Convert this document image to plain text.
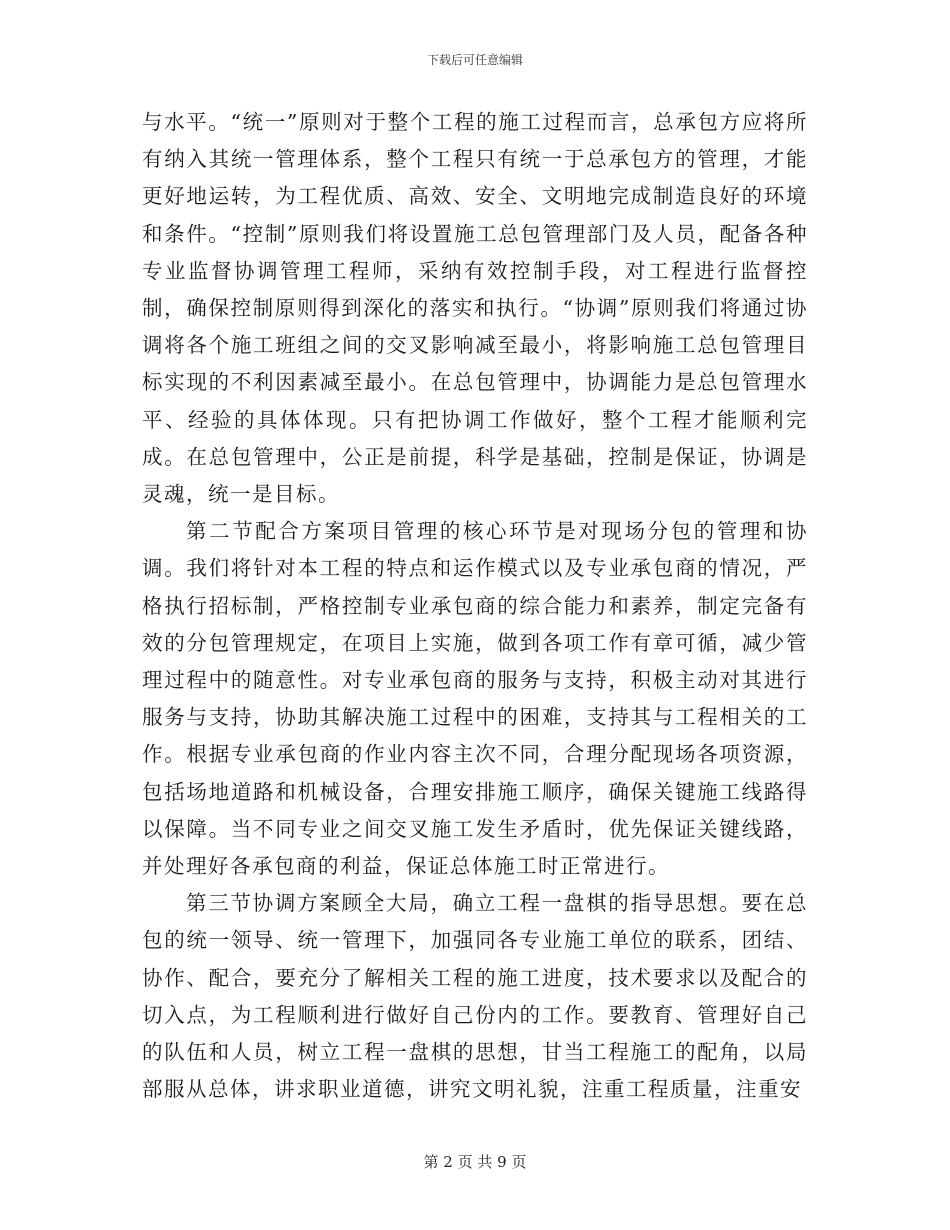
下载后可任意编辑

与水平。“统一”原则对于整个工程的施工过程而言，总承包方应将所有纳入其统一管理体系，整个工程只有统一于总承包方的管理，才能更好地运转，为工程优质、高效、安全、文明地完成制造良好的环境和条件。“控制”原则我们将设置施工总包管理部门及人员，配备各种专业监督协调管理工程师，采纳有效控制手段，对工程进行监督控制，确保控制原则得到深化的落实和执行。“协调”原则我们将通过协调将各个施工班组之间的交叉影响减至最小，将影响施工总包管理目标实现的不利因素减至最小。在总包管理中，协调能力是总包管理水平、经验的具体体现。只有把协调工作做好，整个工程才能顺利完成。在总包管理中，公正是前提，科学是基础，控制是保证，协调是灵魂，统一是目标。

第二节配合方案项目管理的核心环节是对现场分包的管理和协调。我们将针对本工程的特点和运作模式以及专业承包商的情况，严格执行招标制，严格控制专业承包商的综合能力和素养，制定完备有效的分包管理规定，在项目上实施，做到各项工作有章可循，减少管理过程中的随意性。对专业承包商的服务与支持，积极主动对其进行服务与支持，协助其解决施工过程中的困难，支持其与工程相关的工作。根据专业承包商的作业内容主次不同，合理分配现场各项资源，包括场地道路和机械设备，合理安排施工顺序，确保关键施工线路得以保障。当不同专业之间交叉施工发生矛盾时，优先保证关键线路，并处理好各承包商的利益，保证总体施工时正常进行。

第三节协调方案顾全大局，确立工程一盘棋的指导思想。要在总包的统一领导、统一管理下，加强同各专业施工单位的联系，团结、协作、配合，要充分了解相关工程的施工进度，技术要求以及配合的切入点，为工程顺利进行做好自己份内的工作。要教育、管理好自己的队伍和人员，树立工程一盘棋的思想，甘当工程施工的配角，以局部服从总体，讲求职业道德，讲究文明礼貌，注重工程质量，注重安

第 2 页 共 9 页
